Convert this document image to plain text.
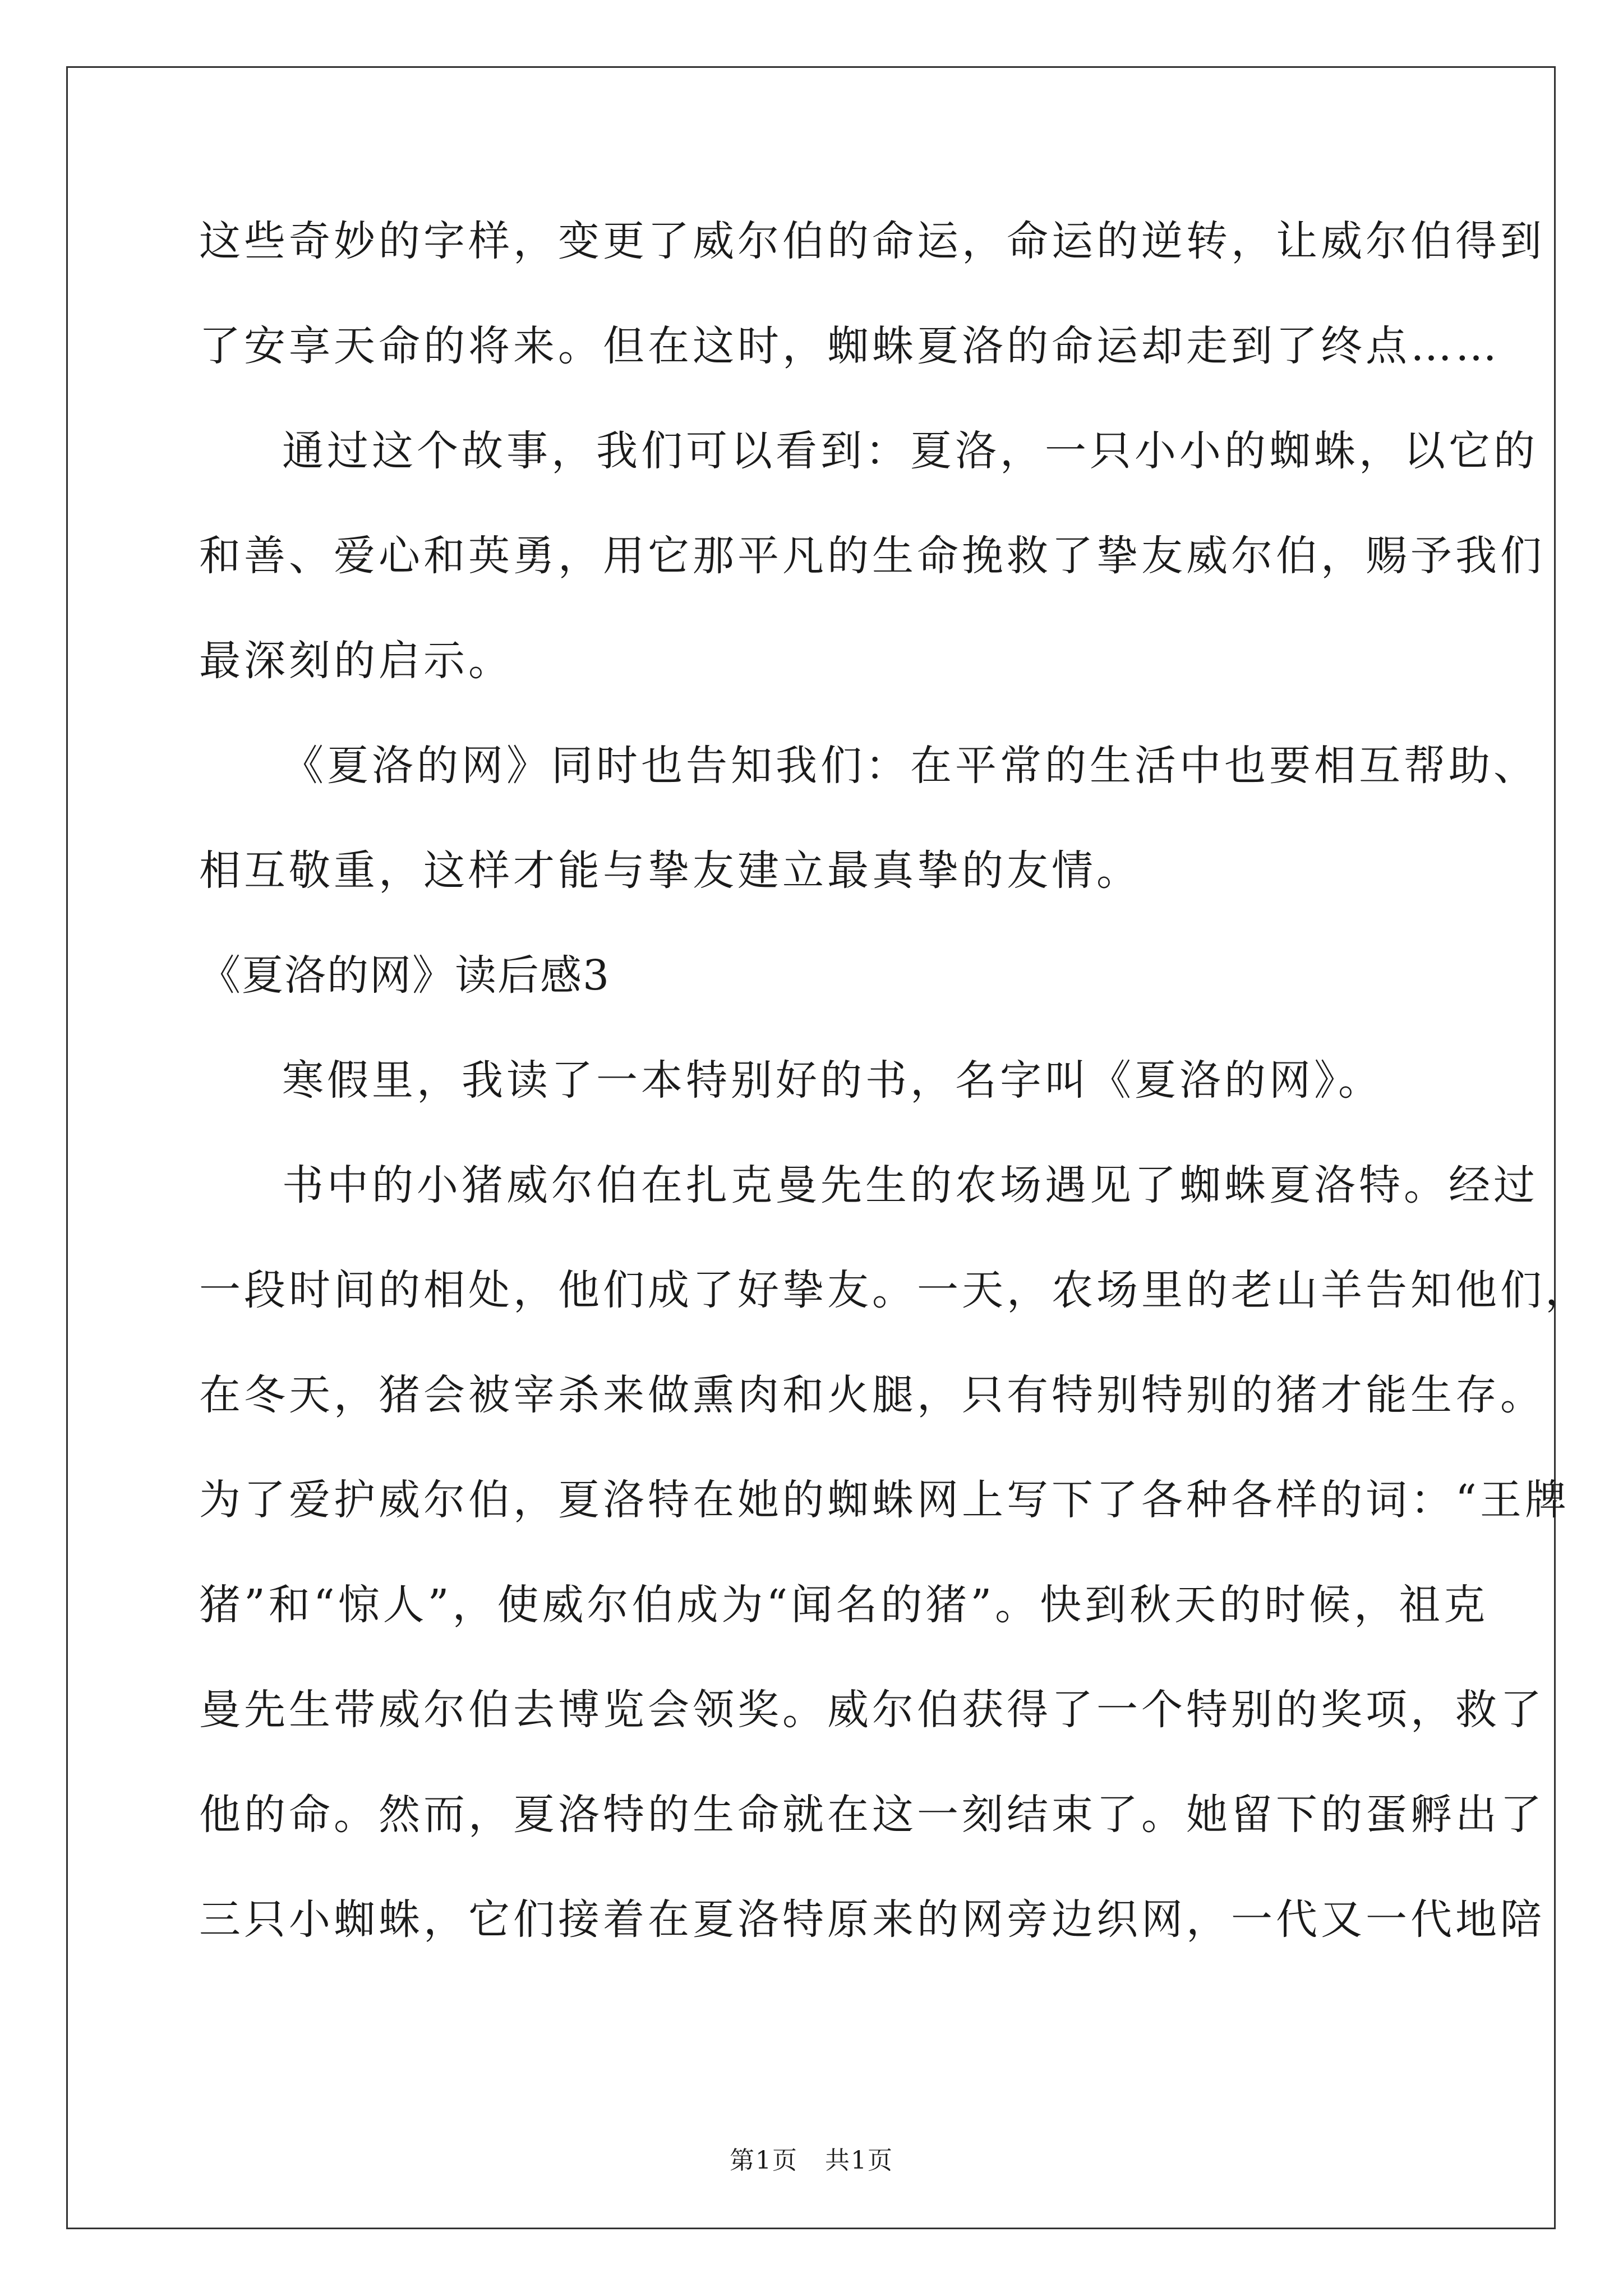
这些奇妙的字样，变更了威尔伯的命运，命运的逆转，让威尔伯得到
了安享天命的将来。但在这时，蜘蛛夏洛的命运却走到了终点……
通过这个故事，我们可以看到：夏洛，一只小小的蜘蛛，以它的
和善、爱心和英勇，用它那平凡的生命挽救了挚友威尔伯，赐予我们
最深刻的启示。
《夏洛的网》同时也告知我们：在平常的生活中也要相互帮助、
相互敬重，这样才能与挚友建立最真挚的友情。
《夏洛的网》读后感3
寒假里，我读了一本特别好的书，名字叫《夏洛的网》。
书中的小猪威尔伯在扎克曼先生的农场遇见了蜘蛛夏洛特。经过
一段时间的相处，他们成了好挚友。一天，农场里的老山羊告知他们，
在冬天，猪会被宰杀来做熏肉和火腿，只有特别特别的猪才能生存。
为了爱护威尔伯，夏洛特在她的蜘蛛网上写下了各种各样的词：“王牌
猪”和“惊人”，使威尔伯成为“闻名的猪”。快到秋天的时候，祖克
曼先生带威尔伯去博览会领奖。威尔伯获得了一个特别的奖项，救了
他的命。然而，夏洛特的生命就在这一刻结束了。她留下的蛋孵出了
三只小蜘蛛，它们接着在夏洛特原来的网旁边织网，一代又一代地陪
第1页 共1页
